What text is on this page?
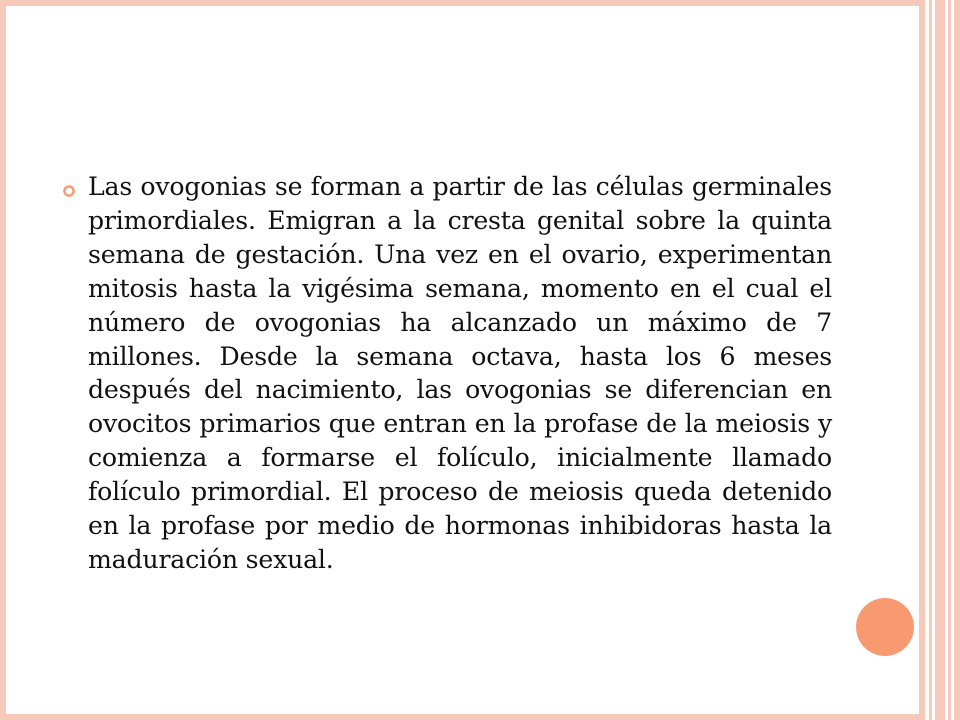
Las ovogonias se forman a partir de las células germinales primordiales. Emigran a la cresta genital sobre la quinta semana de gestación. Una vez en el ovario, experimentan mitosis hasta la vigésima semana, momento en el cual el número de ovogonias ha alcanzado un máximo de 7 millones. Desde la semana octava, hasta los 6 meses después del nacimiento, las ovogonias se diferencian en ovocitos primarios que entran en la profase de la meiosis y comienza a formarse el folículo, inicialmente llamado folículo primordial. El proceso de meiosis queda detenido en la profase por medio de hormonas inhibidoras hasta la maduración sexual.
